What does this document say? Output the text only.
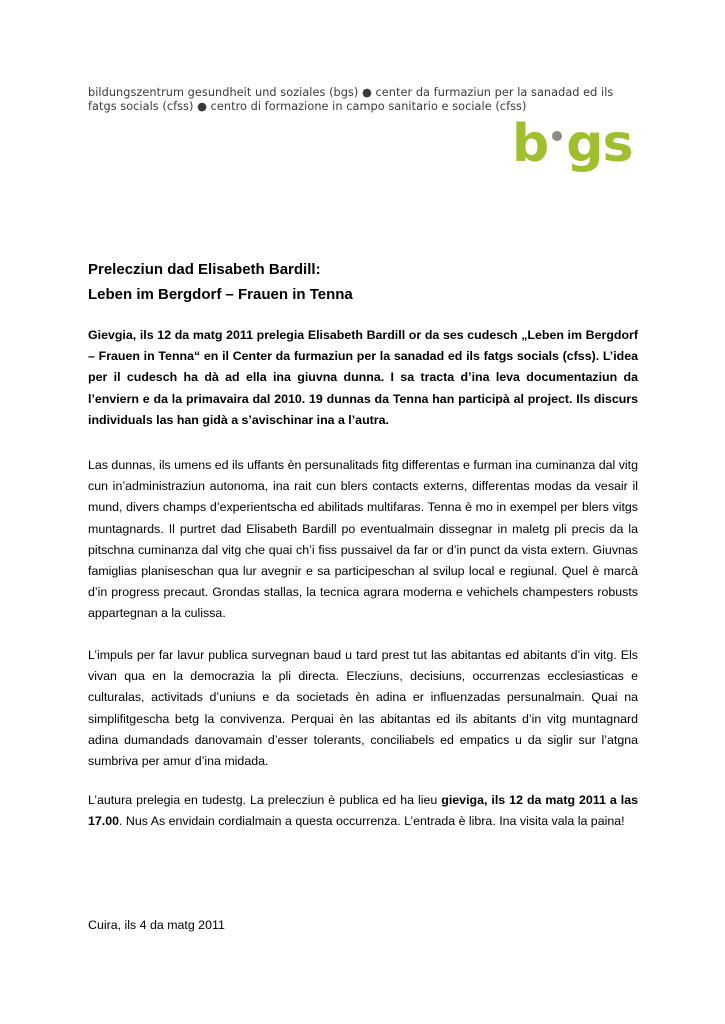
bildungszentrum gesundheit und soziales (bgs) ● center da furmaziun per la sanadad ed ils
fatgs socials (cfss) ● centro di formazione in campo sanitario e sociale (cfss)
b gs
Prelecziun dad Elisabeth Bardill:
Leben im Bergdorf – Frauen in Tenna
Gievgia, ils 12 da matg 2011 prelegia Elisabeth Bardill or da ses cudesch „Leben im Bergdorf – Frauen in Tenna“ en il Center da furmaziun per la sanadad ed ils fatgs socials (cfss). L’idea per il cudesch ha dà ad ella ina giuvna dunna. I sa tracta d’ina leva documentaziun da l’enviern e da la primavaira dal 2010. 19 dunnas da Tenna han participà al project. Ils discurs individuals las han gidà a s’avischinar ina a l’autra.
Las dunnas, ils umens ed ils uffants èn persunalitads fitg differentas e furman ina cuminanza dal vitg cun in’administraziun autonoma, ina rait cun blers contacts externs, differentas modas da vesair il mund, divers champs d’experientscha ed abilitads multifaras. Tenna è mo in exempel per blers vitgs muntagnards. Il purtret dad Elisabeth Bardill po eventualmain dissegnar in maletg pli precis da la pitschna cuminanza dal vitg che quai ch’i fiss pussaivel da far or d’in punct da vista extern. Giuvnas famiglias planiseschan qua lur avegnir e sa participeschan al svilup local e regiunal. Quel è marcà d’in progress precaut. Grondas stallas, la tecnica agrara moderna e vehichels champesters robusts appartegnan a la culissa.
L’impuls per far lavur publica survegnan baud u tard prest tut las abitantas ed abitants d’in vitg. Els vivan qua en la democrazia la pli directa. Elecziuns, decisiuns, occurrenzas ecclesiasticas e culturalas, activitads d’uniuns e da societads èn adina er influenzadas persunalmain. Quai na simplifitgescha betg la convivenza. Perquai èn las abitantas ed ils abitants d’in vitg muntagnard adina dumandads danovamain d’esser tolerants, conciliabels ed empatics u da siglir sur l’atgna sumbriva per amur d’ina midada.
L’autura prelegia en tudestg. La prelecziun è publica ed ha lieu gieviga, ils 12 da matg 2011 a las 17.00. Nus As envidain cordialmain a questa occurrenza. L’entrada è libra. Ina visita vala la paina!
Cuira, ils 4 da matg 2011
